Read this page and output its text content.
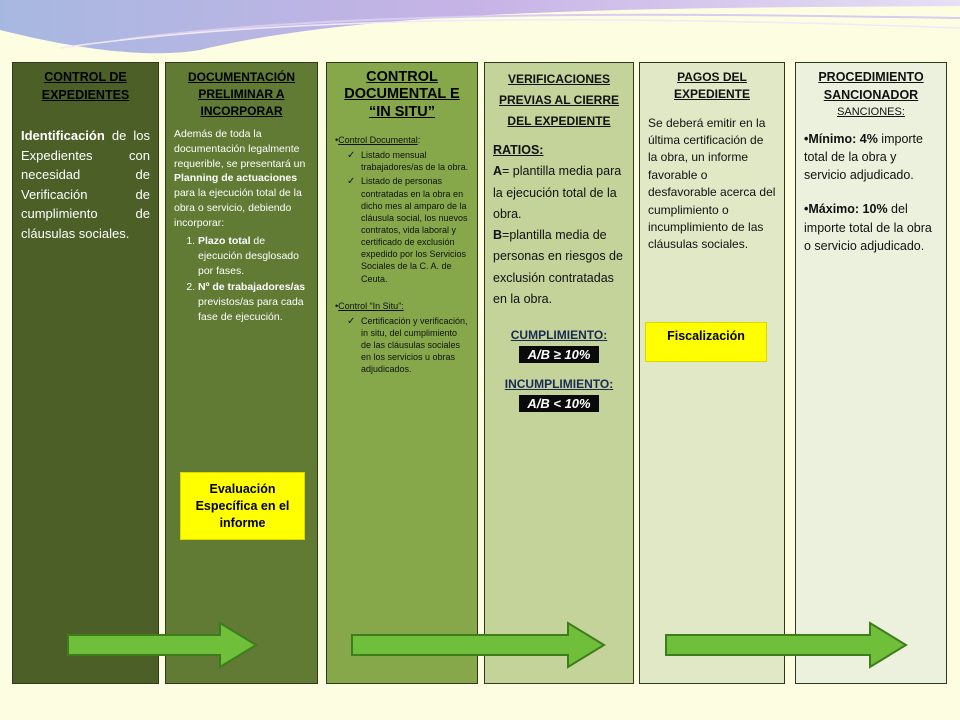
CONTROL DE EXPEDIENTES
Identificación de los Expedientes con necesidad de Verificación de cumplimiento de cláusulas sociales.
DOCUMENTACIÓN PRELIMINAR A INCORPORAR
Además de toda la documentación legalmente requerible, se presentará un Planning de actuaciones para la ejecución total de la obra o servicio, debiendo incorporar:
1. Plazo total de ejecución desglosado por fases.
2. Nº de trabajadores/as previstos/as para cada fase de ejecución.
Evaluación Específica en el informe
CONTROL DOCUMENTAL E “IN SITU”
•Control Documental:
✓ Listado mensual trabajadores/as de la obra.
✓ Listado de personas contratadas en la obra en dicho mes al amparo de la cláusula social, los nuevos contratos, vida laboral y certificado de exclusión expedido por los Servicios Sociales de la C. A. de Ceuta.
•Control “In Situ”:
✓ Certificación y verificación, in situ, del cumplimiento de las cláusulas sociales en los servicios u obras adjudicados.
VERIFICACIONES PREVIAS AL CIERRE DEL EXPEDIENTE
RATIOS:
A= plantilla media para la ejecución total de la obra.
B=plantilla media de personas en riesgos de exclusión contratadas en la obra.
CUMPLIMIENTO:
A/B ≥ 10%
INCUMPLIMIENTO:
A/B < 10%
PAGOS DEL EXPEDIENTE
Se deberá emitir en la última certificación de la obra, un informe favorable o desfavorable acerca del cumplimiento o incumplimiento de las cláusulas sociales.
Fiscalización
PROCEDIMIENTO SANCIONADOR
SANCIONES:
•Mínimo: 4% importe total de la obra y servicio adjudicado.
•Máximo: 10% del importe total de la obra o servicio adjudicado.
